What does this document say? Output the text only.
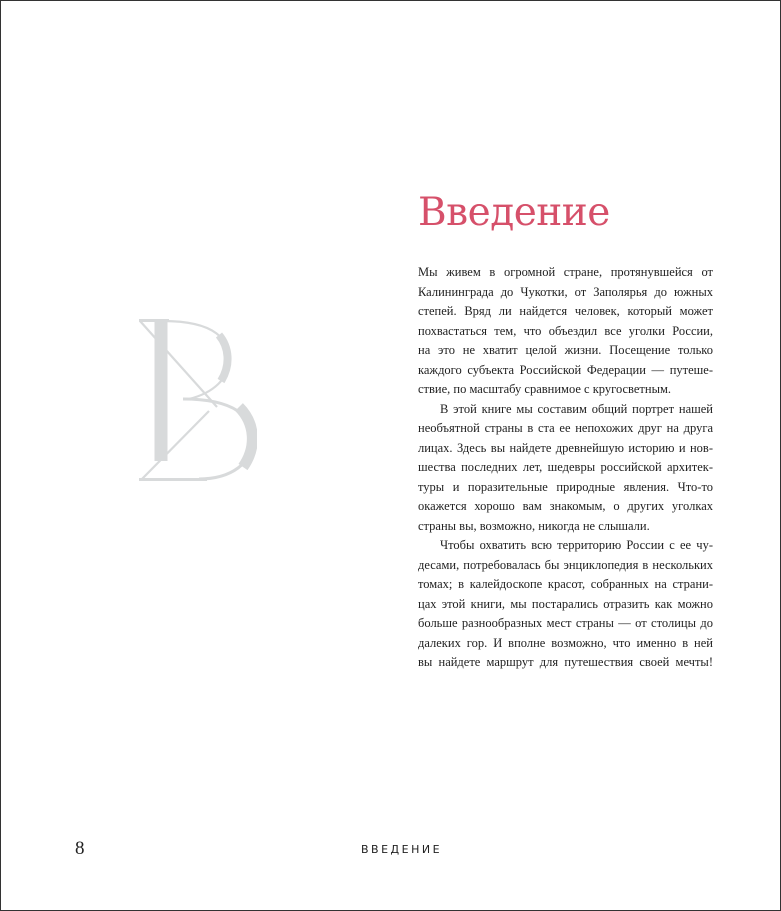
Введение
Мы живем в огромной стране, протянувшейся от
Калининграда до Чукотки, от Заполярья до южных
степей. Вряд ли найдется человек, который может
похвастаться тем, что объездил все уголки России,
на это не хватит целой жизни. Посещение только
каждого субъекта Российской Федерации — путеше-
ствие, по масштабу сравнимое с кругосветным.
В этой книге мы составим общий портрет нашей
необъятной страны в ста ее непохожих друг на друга
лицах. Здесь вы найдете древнейшую историю и нов-
шества последних лет, шедевры российской архитек-
туры и поразительные природные явления. Что-то
окажется хорошо вам знакомым, о других уголках
страны вы, возможно, никогда не слышали.
Чтобы охватить всю территорию России с ее чу-
десами, потребовалась бы энциклопедия в нескольких
томах; в калейдоскопе красот, собранных на страни-
цах этой книги, мы постарались отразить как можно
больше разнообразных мест страны — от столицы до
далеких гор. И вполне возможно, что именно в ней
вы найдете маршрут для путешествия своей мечты!
8	ВВЕДЕНИЕ
